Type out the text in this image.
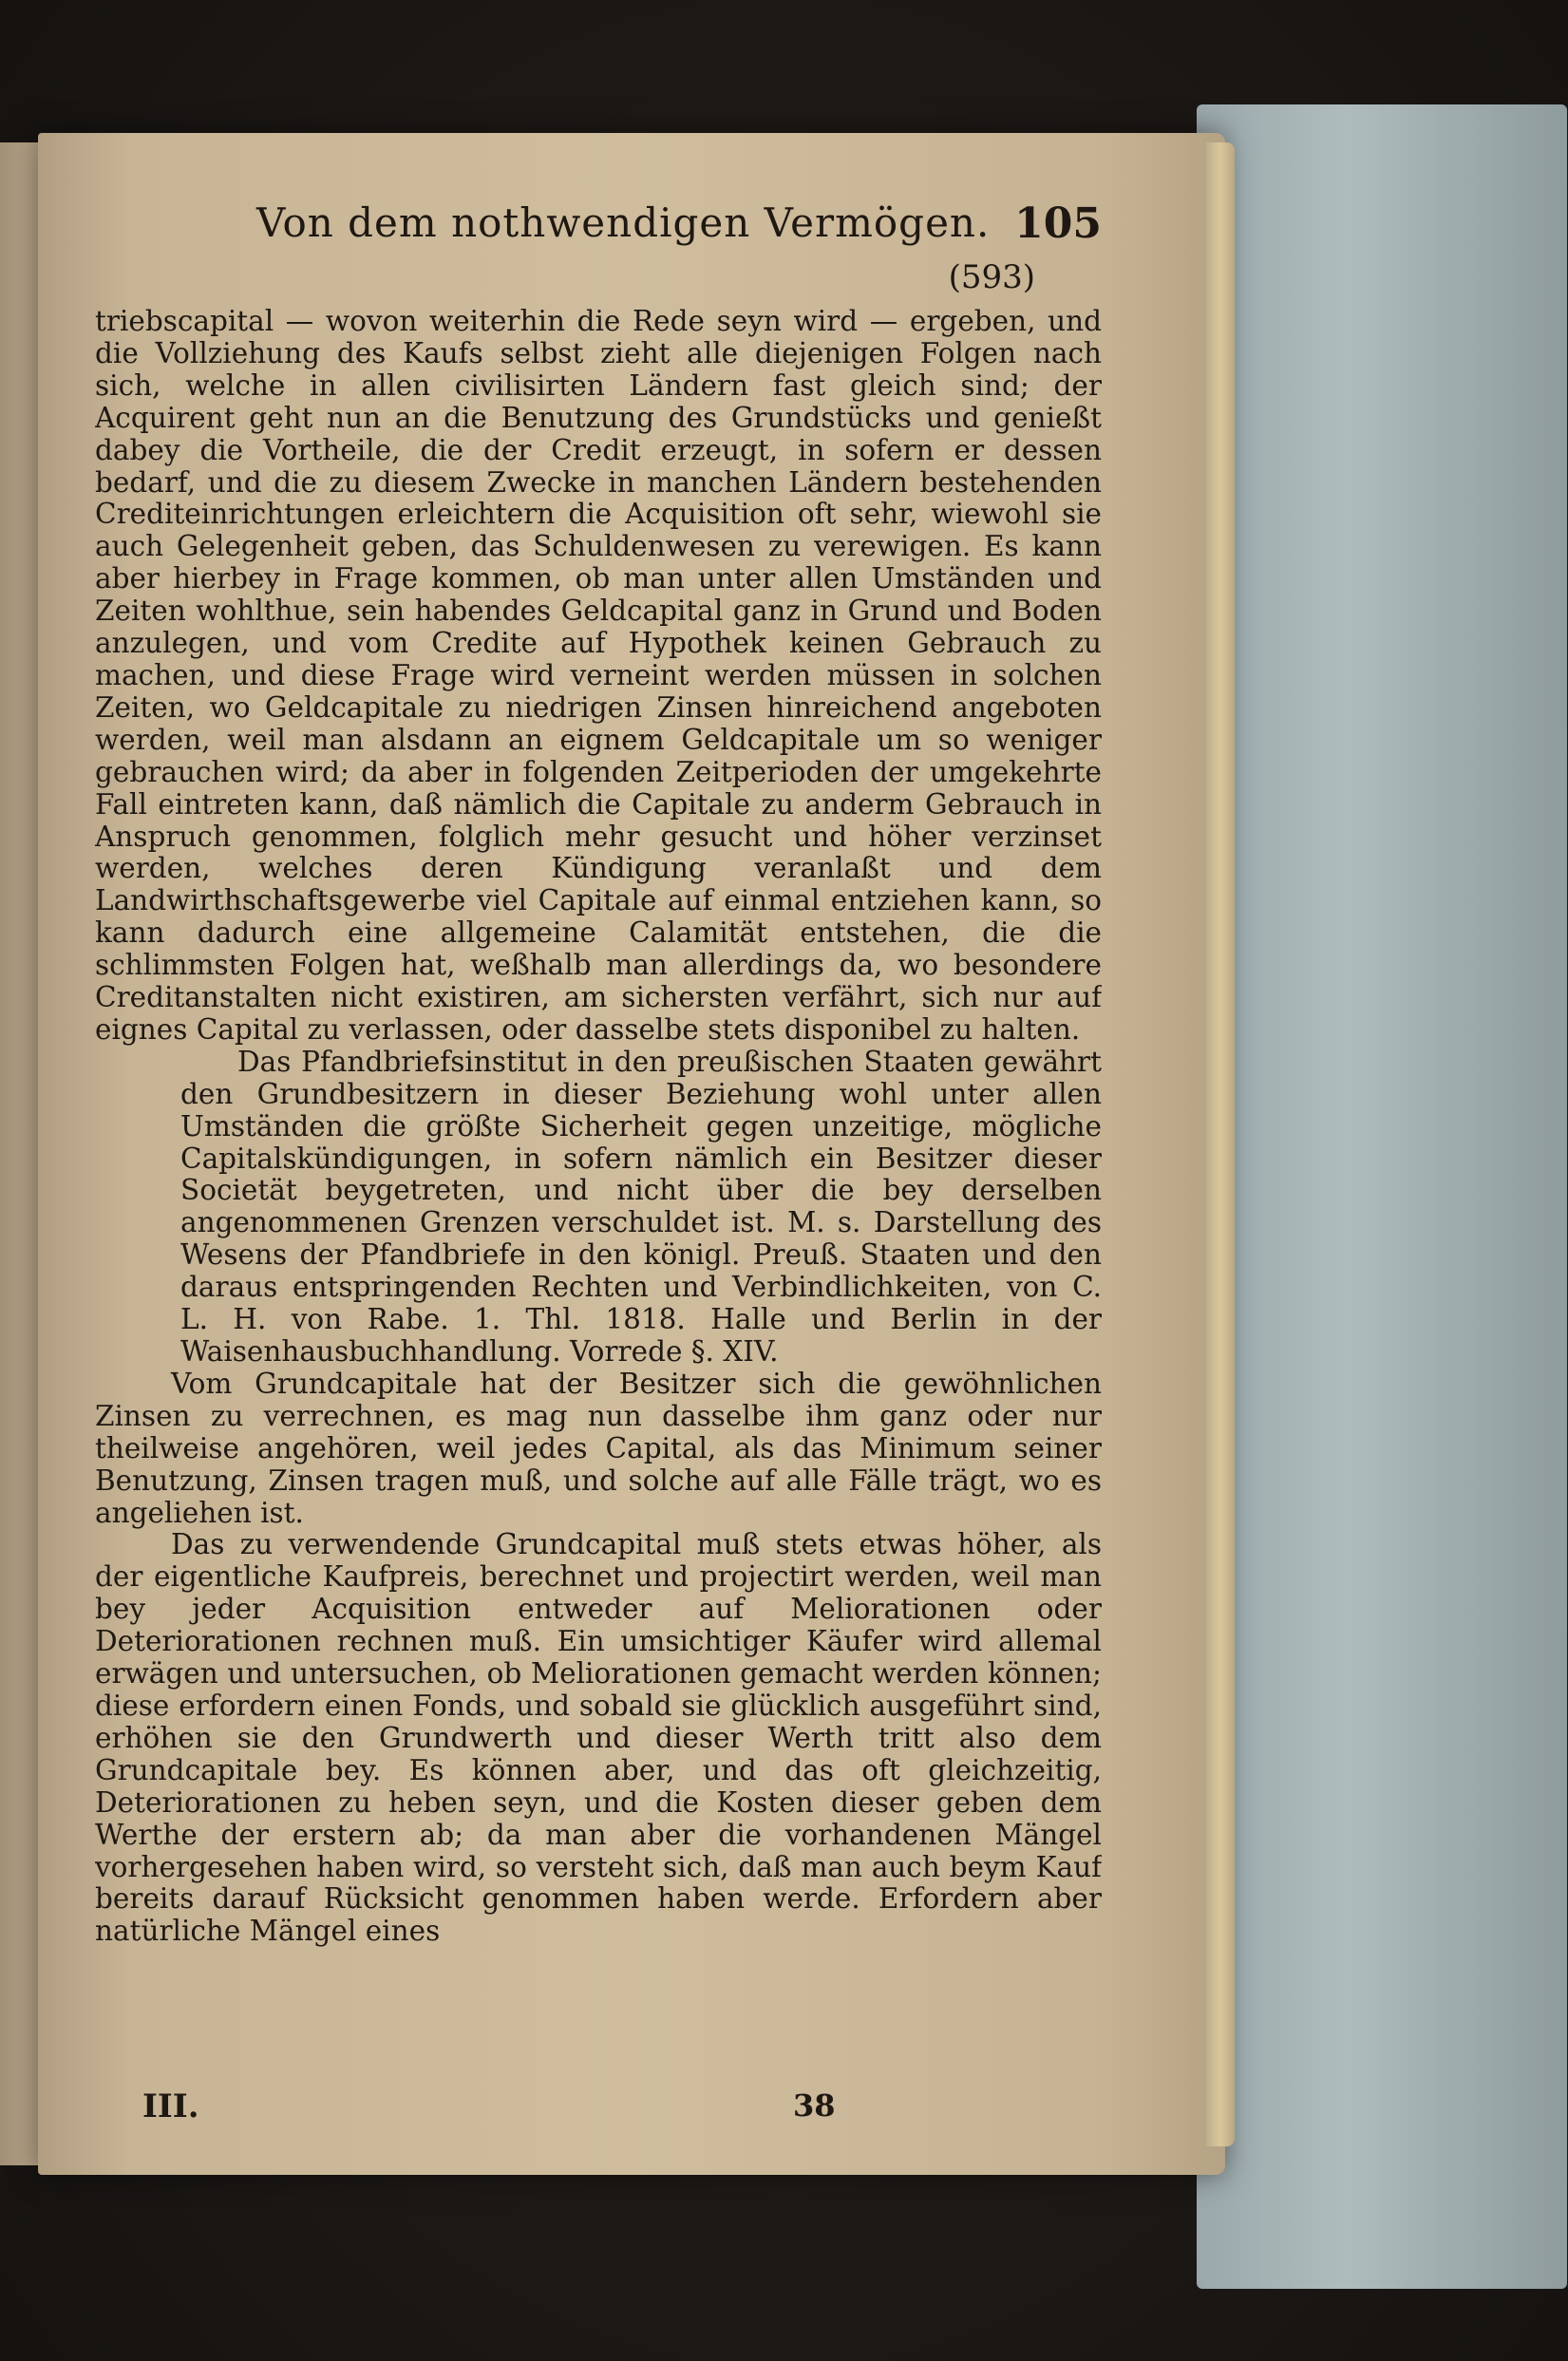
Von dem nothwendigen Vermögen. 105
(593)

triebscapital — wovon weiterhin die Rede seyn wird — ergeben, und die Vollziehung des Kaufs selbst zieht alle diejenigen Folgen nach sich, welche in allen civilisirten Ländern fast gleich sind; der Acquirent geht nun an die Benutzung des Grundstücks und genießt dabey die Vortheile, die der Credit erzeugt, in sofern er dessen bedarf, und die zu diesem Zwecke in manchen Ländern bestehenden Crediteinrichtungen erleichtern die Acquisition oft sehr, wiewohl sie auch Gelegenheit geben, das Schuldenwesen zu verewigen. Es kann aber hierbey in Frage kommen, ob man unter allen Umständen und Zeiten wohlthue, sein habendes Geldcapital ganz in Grund und Boden anzulegen, und vom Credite auf Hypothek keinen Gebrauch zu machen, und diese Frage wird verneint werden müssen in solchen Zeiten, wo Geldcapitale zu niedrigen Zinsen hinreichend angeboten werden, weil man alsdann an eignem Geldcapitale um so weniger gebrauchen wird; da aber in folgenden Zeitperioden der umgekehrte Fall eintreten kann, daß nämlich die Capitale zu anderm Gebrauch in Anspruch genommen, folglich mehr gesucht und höher verzinset werden, welches deren Kündigung veranlaßt und dem Landwirthschaftsgewerbe viel Capitale auf einmal entziehen kann, so kann dadurch eine allgemeine Calamität entstehen, die die schlimmsten Folgen hat, weßhalb man allerdings da, wo besondere Creditanstalten nicht existiren, am sichersten verfährt, sich nur auf eignes Capital zu verlassen, oder dasselbe stets disponibel zu halten.

Das Pfandbriefsinstitut in den preußischen Staaten gewährt den Grundbesitzern in dieser Beziehung wohl unter allen Umständen die größte Sicherheit gegen unzeitige, mögliche Capitalskündigungen, in sofern nämlich ein Besitzer dieser Societät beygetreten, und nicht über die bey derselben angenommenen Grenzen verschuldet ist. M. s. Darstellung des Wesens der Pfandbriefe in den königl. Preuß. Staaten und den daraus entspringenden Rechten und Verbindlichkeiten, von C. L. H. von Rabe. 1. Thl. 1818. Halle und Berlin in der Waisenhausbuchhandlung. Vorrede §. XIV.

Vom Grundcapitale hat der Besitzer sich die gewöhnlichen Zinsen zu verrechnen, es mag nun dasselbe ihm ganz oder nur theilweise angehören, weil jedes Capital, als das Minimum seiner Benutzung, Zinsen tragen muß, und solche auf alle Fälle trägt, wo es angeliehen ist.

Das zu verwendende Grundcapital muß stets etwas höher, als der eigentliche Kaufpreis, berechnet und projectirt werden, weil man bey jeder Acquisition entweder auf Meliorationen oder Deteriorationen rechnen muß. Ein umsichtiger Käufer wird allemal erwägen und untersuchen, ob Meliorationen gemacht werden können; diese erfordern einen Fonds, und sobald sie glücklich ausgeführt sind, erhöhen sie den Grundwerth und dieser Werth tritt also dem Grundcapitale bey. Es können aber, und das oft gleichzeitig, Deteriorationen zu heben seyn, und die Kosten dieser geben dem Werthe der erstern ab; da man aber die vorhandenen Mängel vorhergesehen haben wird, so versteht sich, daß man auch beym Kauf bereits darauf Rücksicht genommen haben werde. Erfordern aber natürliche Mängel eines

III.	38
